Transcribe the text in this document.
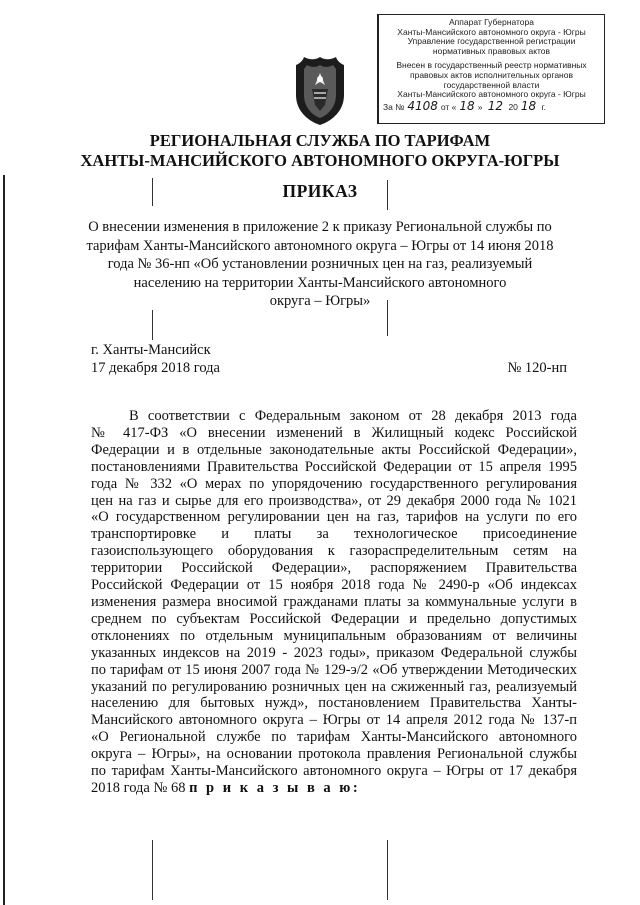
Аппарат Губернатора
Ханты-Мансийского автономного округа - Югры
Управление государственной регистрации
нормативных правовых актов
Внесен в государственный реестр нормативных
правовых актов исполнительных органов
государственной власти
Ханты-Мансийского автономного округа - Югры
За № 4108 от « 18 » 12 20 18 г.
РЕГИОНАЛЬНАЯ СЛУЖБА ПО ТАРИФАМ
ХАНТЫ-МАНСИЙСКОГО АВТОНОМНОГО ОКРУГА-ЮГРЫ
ПРИКАЗ
О внесении изменения в приложение 2 к приказу Региональной службы по
тарифам Ханты-Мансийского автономного округа – Югры от 14 июня 2018
года № 36-нп «Об установлении розничных цен на газ, реализуемый
населению на территории Ханты-Мансийского автономного
округа – Югры»
г. Ханты-Мансийск
17 декабря 2018 года	№ 120-нп
В соответствии с Федеральным законом от 28 декабря 2013 года
№ 417-ФЗ «О внесении изменений в Жилищный кодекс Российской
Федерации и в отдельные законодательные акты Российской Федерации»,
постановлениями Правительства Российской Федерации от 15 апреля 1995
года № 332 «О мерах по упорядочению государственного регулирования
цен на газ и сырье для его производства», от 29 декабря 2000 года № 1021
«О государственном регулировании цен на газ, тарифов на услуги по его
транспортировке и платы за технологическое присоединение
газоиспользующего оборудования к газораспределительным сетям на
территории Российской Федерации», распоряжением Правительства
Российской Федерации от 15 ноября 2018 года № 2490-р «Об индексах
изменения размера вносимой гражданами платы за коммунальные услуги в
среднем по субъектам Российской Федерации и предельно допустимых
отклонениях по отдельным муниципальным образованиям от величины
указанных индексов на 2019 - 2023 годы», приказом Федеральной службы
по тарифам от 15 июня 2007 года № 129-э/2 «Об утверждении Методических
указаний по регулированию розничных цен на сжиженный газ, реализуемый
населению для бытовых нужд», постановлением Правительства Ханты-
Мансийского автономного округа – Югры от 14 апреля 2012 года № 137-п
«О Региональной службе по тарифам Ханты-Мансийского автономного
округа – Югры», на основании протокола правления Региональной службы
по тарифам Ханты-Мансийского автономного округа – Югры от 17 декабря
2018 года № 68 п р и к а з ы в а ю:
